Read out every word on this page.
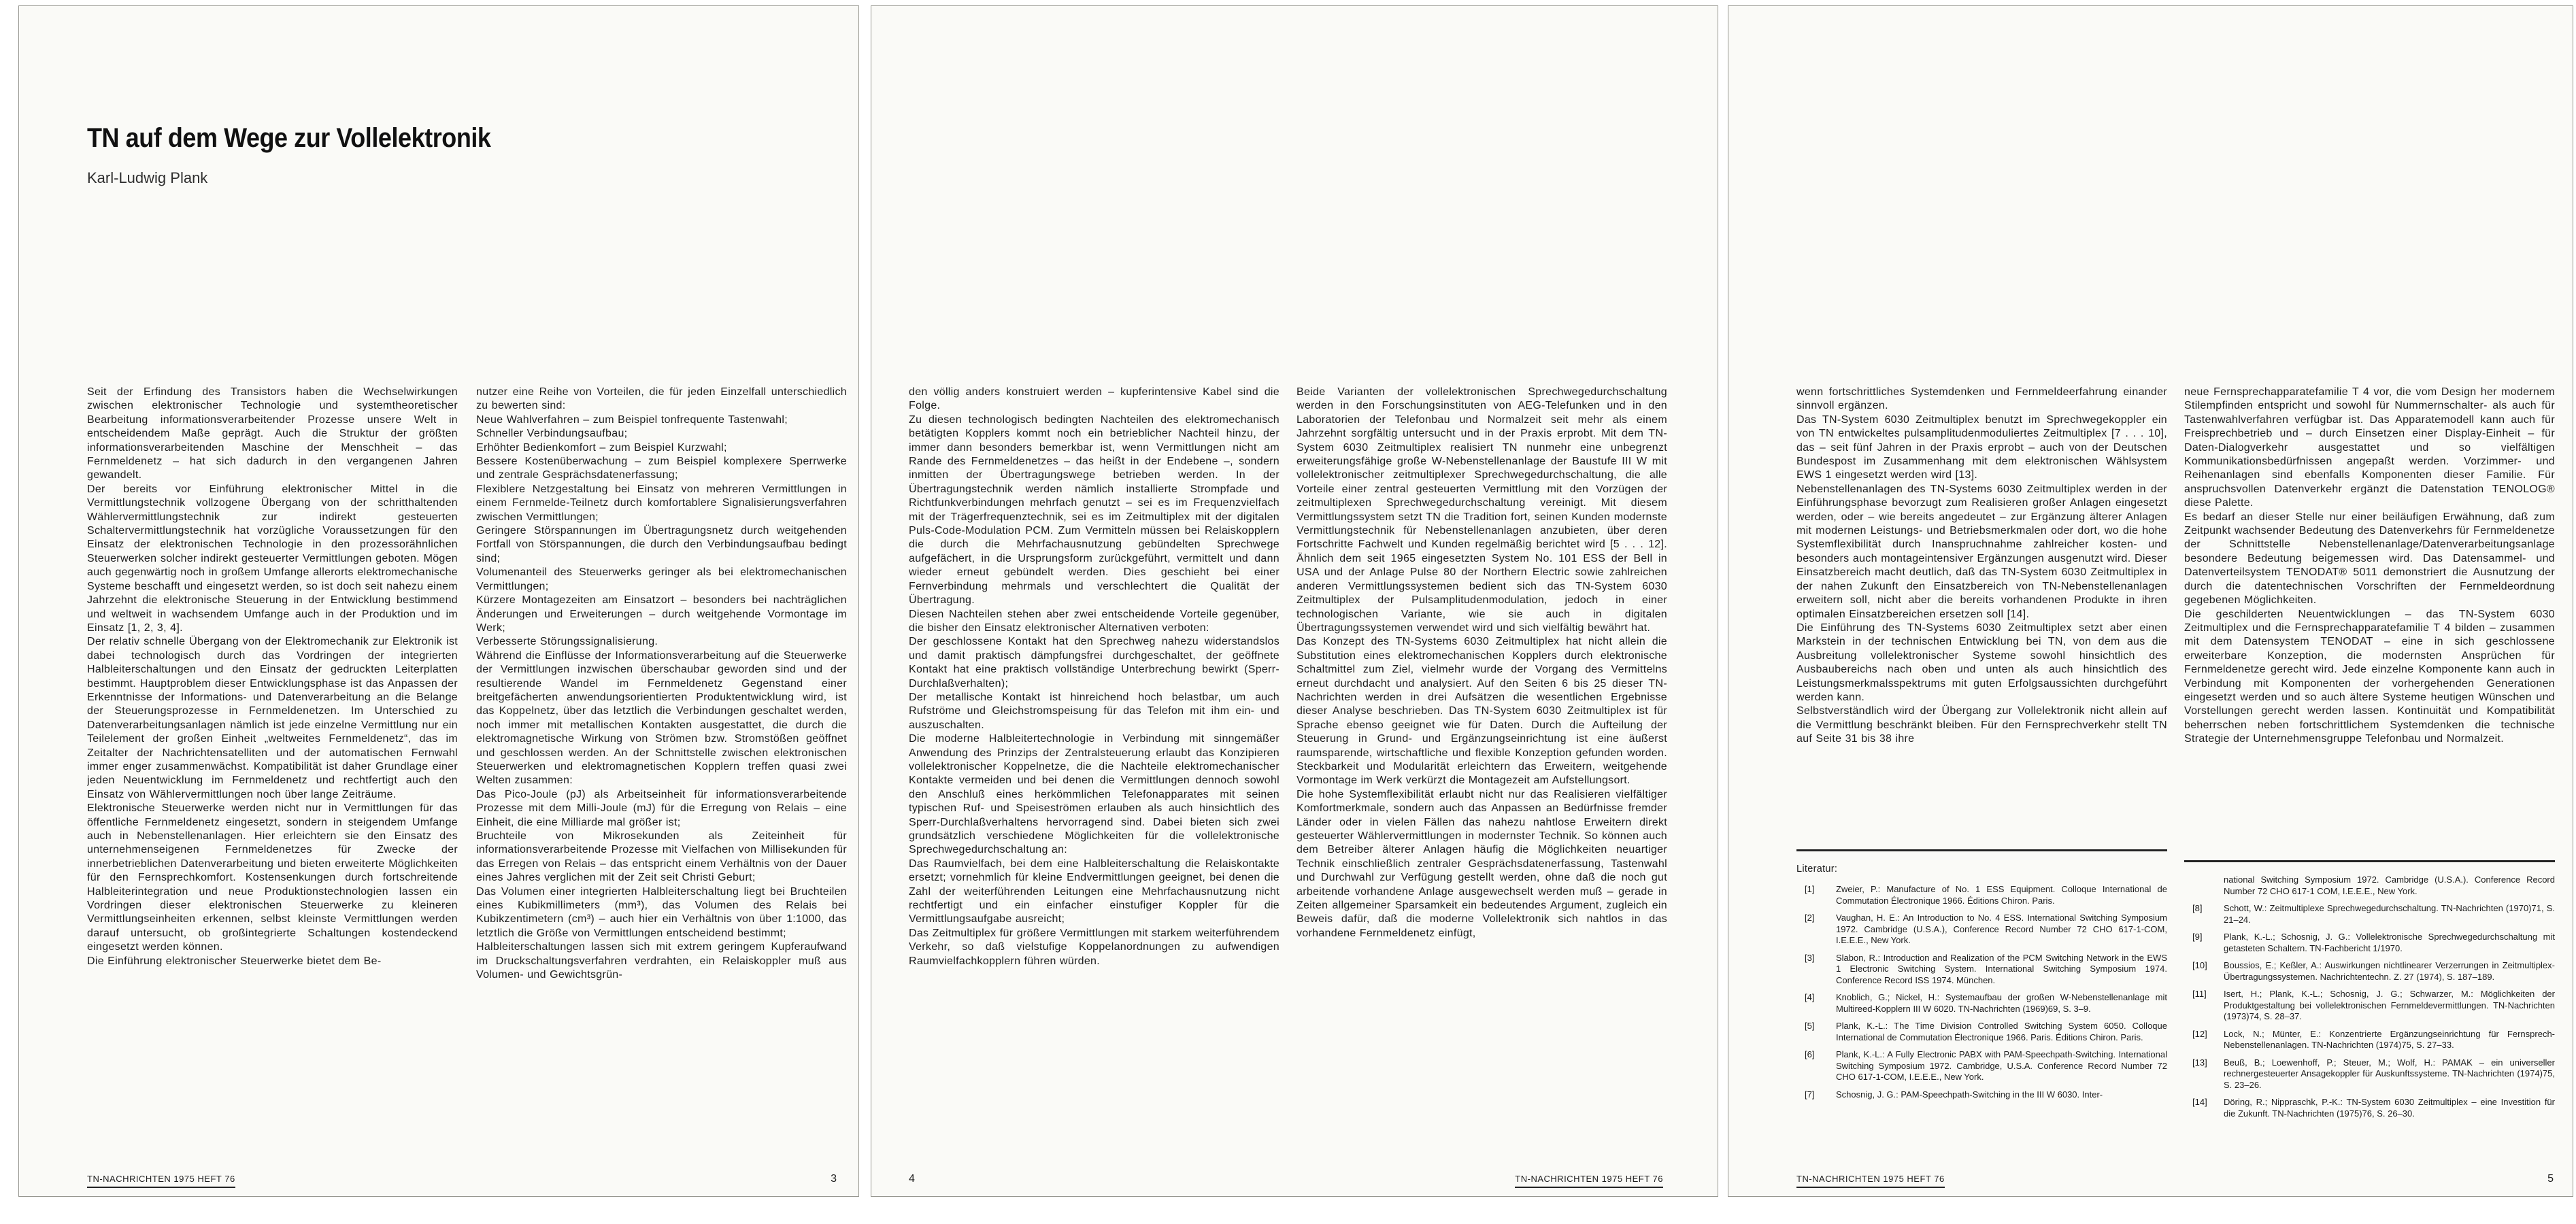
TN auf dem Wege zur Vollelektronik
Karl-Ludwig Plank

Seit der Erfindung des Transistors haben die Wechselwirkungen zwischen elektronischer Technologie und systemtheoretischer Bearbeitung informationsverarbeitender Prozesse unsere Welt in entscheidendem Maße geprägt. Auch die Struktur der größten informationsverarbeitenden Maschine der Menschheit – das Fernmeldenetz – hat sich dadurch in den vergangenen Jahren gewandelt.

Der bereits vor Einführung elektronischer Mittel in die Vermittlungstechnik vollzogene Übergang von der schritthaltenden Wählervermittlungstechnik zur indirekt gesteuerten Schaltervermittlungstechnik hat vorzügliche Voraussetzungen für den Einsatz der elektronischen Technologie in den prozessorähnlichen Steuerwerken solcher indirekt gesteuerter Vermittlungen geboten. Mögen auch gegenwärtig noch in großem Umfange allerorts elektromechanische Systeme beschafft und eingesetzt werden, so ist doch seit nahezu einem Jahrzehnt die elektronische Steuerung in der Entwicklung bestimmend und weltweit in wachsendem Umfange auch in der Produktion und im Einsatz [1, 2, 3, 4].

Der relativ schnelle Übergang von der Elektromechanik zur Elektronik ist dabei technologisch durch das Vordringen der integrierten Halbleiterschaltungen und den Einsatz der gedruckten Leiterplatten bestimmt. Hauptproblem dieser Entwicklungsphase ist das Anpassen der Erkenntnisse der Informations- und Datenverarbeitung an die Belange der Steuerungsprozesse in Fernmeldenetzen. Im Unterschied zu Datenverarbeitungsanlagen nämlich ist jede einzelne Vermittlung nur ein Teilelement der großen Einheit „weltweites Fernmeldenetz“, das im Zeitalter der Nachrichtensatelliten und der automatischen Fernwahl immer enger zusammenwächst. Kompatibilität ist daher Grundlage einer jeden Neuentwicklung im Fernmeldenetz und rechtfertigt auch den Einsatz von Wählervermittlungen noch über lange Zeiträume.

Elektronische Steuerwerke werden nicht nur in Vermittlungen für das öffentliche Fernmeldenetz eingesetzt, sondern in steigendem Umfange auch in Nebenstellenanlagen. Hier erleichtern sie den Einsatz des unternehmenseigenen Fernmeldenetzes für Zwecke der innerbetrieblichen Datenverarbeitung und bieten erweiterte Möglichkeiten für den Fernsprechkomfort. Kostensenkungen durch fortschreitende Halbleiterintegration und neue Produktionstechnologien lassen ein Vordringen dieser elektronischen Steuerwerke zu kleineren Vermittlungseinheiten erkennen, selbst kleinste Vermittlungen werden darauf untersucht, ob großintegrierte Schaltungen kostendeckend eingesetzt werden können.

Die Einführung elektronischer Steuerwerke bietet dem Be-

nutzer eine Reihe von Vorteilen, die für jeden Einzelfall unterschiedlich zu bewerten sind:

Neue Wahlverfahren – zum Beispiel tonfrequente Tastenwahl;

Schneller Verbindungsaufbau;

Erhöhter Bedienkomfort – zum Beispiel Kurzwahl;

Bessere Kostenüberwachung – zum Beispiel komplexere Sperrwerke und zentrale Gesprächsdatenerfassung;

Flexiblere Netzgestaltung bei Einsatz von mehreren Vermittlungen in einem Fernmelde-Teilnetz durch komfortablere Signalisierungsverfahren zwischen Vermittlungen;

Geringere Störspannungen im Übertragungsnetz durch weitgehenden Fortfall von Störspannungen, die durch den Verbindungsaufbau bedingt sind;

Volumenanteil des Steuerwerks geringer als bei elektromechanischen Vermittlungen;

Kürzere Montagezeiten am Einsatzort – besonders bei nachträglichen Änderungen und Erweiterungen – durch weitgehende Vormontage im Werk;

Verbesserte Störungssignalisierung.

Während die Einflüsse der Informationsverarbeitung auf die Steuerwerke der Vermittlungen inzwischen überschaubar geworden sind und der resultierende Wandel im Fernmeldenetz Gegenstand einer breitgefächerten anwendungsorientierten Produktentwicklung wird, ist das Koppelnetz, über das letztlich die Verbindungen geschaltet werden, noch immer mit metallischen Kontakten ausgestattet, die durch die elektromagnetische Wirkung von Strömen bzw. Stromstößen geöffnet und geschlossen werden. An der Schnittstelle zwischen elektronischen Steuerwerken und elektromagnetischen Kopplern treffen quasi zwei Welten zusammen:

Das Pico-Joule (pJ) als Arbeitseinheit für informationsverarbeitende Prozesse mit dem Milli-Joule (mJ) für die Erregung von Relais – eine Einheit, die eine Milliarde mal größer ist;

Bruchteile von Mikrosekunden als Zeiteinheit für informationsverarbeitende Prozesse mit Vielfachen von Millisekunden für das Erregen von Relais – das entspricht einem Verhältnis von der Dauer eines Jahres verglichen mit der Zeit seit Christi Geburt;

Das Volumen einer integrierten Halbleiterschaltung liegt bei Bruchteilen eines Kubikmillimeters (mm³), das Volumen des Relais bei Kubikzentimetern (cm³) – auch hier ein Verhältnis von über 1:1000, das letztlich die Größe von Vermittlungen entscheidend bestimmt;

Halbleiterschaltungen lassen sich mit extrem geringem Kupferaufwand im Druckschaltungsverfahren verdrahten, ein Relaiskoppler muß aus Volumen- und Gewichtsgrün-

TN-NACHRICHTEN 1975 HEFT 76	3

den völlig anders konstruiert werden – kupferintensive Kabel sind die Folge.

Zu diesen technologisch bedingten Nachteilen des elektromechanisch betätigten Kopplers kommt noch ein betrieblicher Nachteil hinzu, der immer dann besonders bemerkbar ist, wenn Vermittlungen nicht am Rande des Fernmeldenetzes – das heißt in der Endebene –, sondern inmitten der Übertragungswege betrieben werden. In der Übertragungstechnik werden nämlich installierte Strompfade und Richtfunkverbindungen mehrfach genutzt – sei es im Frequenzvielfach mit der Trägerfrequenztechnik, sei es im Zeitmultiplex mit der digitalen Puls-Code-Modulation PCM. Zum Vermitteln müssen bei Relaiskopplern die durch die Mehrfachausnutzung gebündelten Sprechwege aufgefächert, in die Ursprungsform zurückgeführt, vermittelt und dann wieder erneut gebündelt werden. Dies geschieht bei einer Fernverbindung mehrmals und verschlechtert die Qualität der Übertragung.

Diesen Nachteilen stehen aber zwei entscheidende Vorteile gegenüber, die bisher den Einsatz elektronischer Alternativen verboten:

Der geschlossene Kontakt hat den Sprechweg nahezu widerstandslos und damit praktisch dämpfungsfrei durchgeschaltet, der geöffnete Kontakt hat eine praktisch vollständige Unterbrechung bewirkt (Sperr-Durchlaßverhalten);

Der metallische Kontakt ist hinreichend hoch belastbar, um auch Rufströme und Gleichstromspeisung für das Telefon mit ihm ein- und auszuschalten.

Die moderne Halbleitertechnologie in Verbindung mit sinngemäßer Anwendung des Prinzips der Zentralsteuerung erlaubt das Konzipieren vollelektronischer Koppelnetze, die die Nachteile elektromechanischer Kontakte vermeiden und bei denen die Vermittlungen dennoch sowohl den Anschluß eines herkömmlichen Telefonapparates mit seinen typischen Ruf- und Speiseströmen erlauben als auch hinsichtlich des Sperr-Durchlaßverhaltens hervorragend sind. Dabei bieten sich zwei grundsätzlich verschiedene Möglichkeiten für die vollelektronische Sprechwegedurchschaltung an:

Das Raumvielfach, bei dem eine Halbleiterschaltung die Relaiskontakte ersetzt; vornehmlich für kleine Endvermittlungen geeignet, bei denen die Zahl der weiterführenden Leitungen eine Mehrfachausnutzung nicht rechtfertigt und ein einfacher einstufiger Koppler für die Vermittlungsaufgabe ausreicht;

Das Zeitmultiplex für größere Vermittlungen mit starkem weiterführendem Verkehr, so daß vielstufige Koppelanordnungen zu aufwendigen Raumvielfachkopplern führen würden.

Beide Varianten der vollelektronischen Sprechwegedurchschaltung werden in den Forschungsinstituten von AEG-Telefunken und in den Laboratorien der Telefonbau und Normalzeit seit mehr als einem Jahrzehnt sorgfältig untersucht und in der Praxis erprobt. Mit dem TN-System 6030 Zeitmultiplex realisiert TN nunmehr eine unbegrenzt erweiterungsfähige große W-Nebenstellenanlage der Baustufe III W mit vollelektronischer zeitmultiplexer Sprechwegedurchschaltung, die alle Vorteile einer zentral gesteuerten Vermittlung mit den Vorzügen der zeitmultiplexen Sprechwegedurchschaltung vereinigt. Mit diesem Vermittlungssystem setzt TN die Tradition fort, seinen Kunden modernste Vermittlungstechnik für Nebenstellenanlagen anzubieten, über deren Fortschritte Fachwelt und Kunden regelmäßig berichtet wird [5 . . . 12]. Ähnlich dem seit 1965 eingesetzten System No. 101 ESS der Bell in USA und der Anlage Pulse 80 der Northern Electric sowie zahlreichen anderen Vermittlungssystemen bedient sich das TN-System 6030 Zeitmultiplex der Pulsamplitudenmodulation, jedoch in einer technologischen Variante, wie sie auch in digitalen Übertragungssystemen verwendet wird und sich vielfältig bewährt hat.

Das Konzept des TN-Systems 6030 Zeitmultiplex hat nicht allein die Substitution eines elektromechanischen Kopplers durch elektronische Schaltmittel zum Ziel, vielmehr wurde der Vorgang des Vermittelns erneut durchdacht und analysiert. Auf den Seiten 6 bis 25 dieser TN-Nachrichten werden in drei Aufsätzen die wesentlichen Ergebnisse dieser Analyse beschrieben. Das TN-System 6030 Zeitmultiplex ist für Sprache ebenso geeignet wie für Daten. Durch die Aufteilung der Steuerung in Grund- und Ergänzungseinrichtung ist eine äußerst raumsparende, wirtschaftliche und flexible Konzeption gefunden worden. Steckbarkeit und Modularität erleichtern das Erweitern, weitgehende Vormontage im Werk verkürzt die Montagezeit am Aufstellungsort.

Die hohe Systemflexibilität erlaubt nicht nur das Realisieren vielfältiger Komfortmerkmale, sondern auch das Anpassen an Bedürfnisse fremder Länder oder in vielen Fällen das nahezu nahtlose Erweitern direkt gesteuerter Wählervermittlungen in modernster Technik. So können auch dem Betreiber älterer Anlagen häufig die Möglichkeiten neuartiger Technik einschließlich zentraler Gesprächsdatenerfassung, Tastenwahl und Durchwahl zur Verfügung gestellt werden, ohne daß die noch gut arbeitende vorhandene Anlage ausgewechselt werden muß – gerade in Zeiten allgemeiner Sparsamkeit ein bedeutendes Argument, zugleich ein Beweis dafür, daß die moderne Vollelektronik sich nahtlos in das vorhandene Fernmeldenetz einfügt,

4	TN-NACHRICHTEN 1975 HEFT 76

wenn fortschrittliches Systemdenken und Fernmeldeerfahrung einander sinnvoll ergänzen.

Das TN-System 6030 Zeitmultiplex benutzt im Sprechwegekoppler ein von TN entwickeltes pulsamplitudenmoduliertes Zeitmultiplex [7 . . . 10], das – seit fünf Jahren in der Praxis erprobt – auch von der Deutschen Bundespost im Zusammenhang mit dem elektronischen Wählsystem EWS 1 eingesetzt werden wird [13].

Nebenstellenanlagen des TN-Systems 6030 Zeitmultiplex werden in der Einführungsphase bevorzugt zum Realisieren großer Anlagen eingesetzt werden, oder – wie bereits angedeutet – zur Ergänzung älterer Anlagen mit modernen Leistungs- und Betriebsmerkmalen oder dort, wo die hohe Systemflexibilität durch Inanspruchnahme zahlreicher kosten- und besonders auch montageintensiver Ergänzungen ausgenutzt wird. Dieser Einsatzbereich macht deutlich, daß das TN-System 6030 Zeitmultiplex in der nahen Zukunft den Einsatzbereich von TN-Nebenstellenanlagen erweitern soll, nicht aber die bereits vorhandenen Produkte in ihren optimalen Einsatzbereichen ersetzen soll [14].

Die Einführung des TN-Systems 6030 Zeitmultiplex setzt aber einen Markstein in der technischen Entwicklung bei TN, von dem aus die Ausbreitung vollelektronischer Systeme sowohl hinsichtlich des Ausbaubereichs nach oben und unten als auch hinsichtlich des Leistungsmerkmalsspektrums mit guten Erfolgsaussichten durchgeführt werden kann.

Selbstverständlich wird der Übergang zur Vollelektronik nicht allein auf die Vermittlung beschränkt bleiben. Für den Fernsprechverkehr stellt TN auf Seite 31 bis 38 ihre

neue Fernsprechapparatefamilie T 4 vor, die vom Design her modernem Stilempfinden entspricht und sowohl für Nummernschalter- als auch für Tastenwahlverfahren verfügbar ist. Das Apparatemodell kann auch für Freisprechbetrieb und – durch Einsetzen einer Display-Einheit – für Daten-Dialogverkehr ausgestattet und so vielfältigen Kommunikationsbedürfnissen angepaßt werden. Vorzimmer- und Reihenanlagen sind ebenfalls Komponenten dieser Familie. Für anspruchsvollen Datenverkehr ergänzt die Datenstation TENOLOG® diese Palette.

Es bedarf an dieser Stelle nur einer beiläufigen Erwähnung, daß zum Zeitpunkt wachsender Bedeutung des Datenverkehrs für Fernmeldenetze der Schnittstelle Nebenstellenanlage/Datenverarbeitungsanlage besondere Bedeutung beigemessen wird. Das Datensammel- und Datenverteilsystem TENODAT® 5011 demonstriert die Ausnutzung der durch die datentechnischen Vorschriften der Fernmeldeordnung gegebenen Möglichkeiten.

Die geschilderten Neuentwicklungen – das TN-System 6030 Zeitmultiplex und die Fernsprechapparatefamilie T 4 bilden – zusammen mit dem Datensystem TENODAT – eine in sich geschlossene erweiterbare Konzeption, die modernsten Ansprüchen für Fernmeldenetze gerecht wird. Jede einzelne Komponente kann auch in Verbindung mit Komponenten der vorhergehenden Generationen eingesetzt werden und so auch ältere Systeme heutigen Wünschen und Vorstellungen gerecht werden lassen. Kontinuität und Kompatibilität beherrschen neben fortschrittlichem Systemdenken die technische Strategie der Unternehmensgruppe Telefonbau und Normalzeit.

Literatur:
[1] Zweier, P.: Manufacture of No. 1 ESS Equipment. Colloque International de Commutation Électronique 1966. Éditions Chiron. Paris.
[2] Vaughan, H. E.: An Introduction to No. 4 ESS. International Switching Symposium 1972. Cambridge (U.S.A.), Conference Record Number 72 CHO 617-1-COM, I.E.E.E., New York.
[3] Slabon, R.: Introduction and Realization of the PCM Switching Network in the EWS 1 Electronic Switching System. International Switching Symposium 1974. Conference Record ISS 1974. München.
[4] Knoblich, G.; Nickel, H.: Systemaufbau der großen W-Nebenstellenanlage mit Multireed-Kopplern III W 6020. TN-Nachrichten (1969)69, S. 3–9.
[5] Plank, K.-L.: The Time Division Controlled Switching System 6050. Colloque International de Commutation Électronique 1966. Paris. Éditions Chiron. Paris.
[6] Plank, K.-L.: A Fully Electronic PABX with PAM-Speechpath-Switching. International Switching Symposium 1972. Cambridge, U.S.A. Conference Record Number 72 CHO 617-1-COM, I.E.E.E., New York.
[7] Schosnig, J. G.: PAM-Speechpath-Switching in the III W 6030. Inter-
national Switching Symposium 1972. Cambridge (U.S.A.). Conference Record Number 72 CHO 617-1 COM, I.E.E.E., New York.
[8] Schott, W.: Zeitmultiplexe Sprechwegedurchschaltung. TN-Nachrichten (1970)71, S. 21–24.
[9] Plank, K.-L.; Schosnig, J. G.: Vollelektronische Sprechwegedurchschaltung mit getasteten Schaltern. TN-Fachbericht 1/1970.
[10] Boussios, E.; Keßler, A.: Auswirkungen nichtlinearer Verzerrungen in Zeitmultiplex-Übertragungssystemen. Nachrichtentechn. Z. 27 (1974), S. 187–189.
[11] Isert, H.; Plank, K.-L.; Schosnig, J. G.; Schwarzer, M.: Möglichkeiten der Produktgestaltung bei vollelektronischen Fernmeldevermittlungen. TN-Nachrichten (1973)74, S. 28–37.
[12] Lock, N.; Münter, E.: Konzentrierte Ergänzungseinrichtung für Fernsprech-Nebenstellenanlagen. TN-Nachrichten (1974)75, S. 27–33.
[13] Beuß, B.; Loewenhoff, P.; Steuer, M.; Wolf, H.: PAMAK – ein universeller rechnergesteuerter Ansagekoppler für Auskunftssysteme. TN-Nachrichten (1974)75, S. 23–26.
[14] Döring, R.; Nippraschk, P.-K.: TN-System 6030 Zeitmultiplex – eine Investition für die Zukunft. TN-Nachrichten (1975)76, S. 26–30.
TN-NACHRICHTEN 1975 HEFT 76	5
